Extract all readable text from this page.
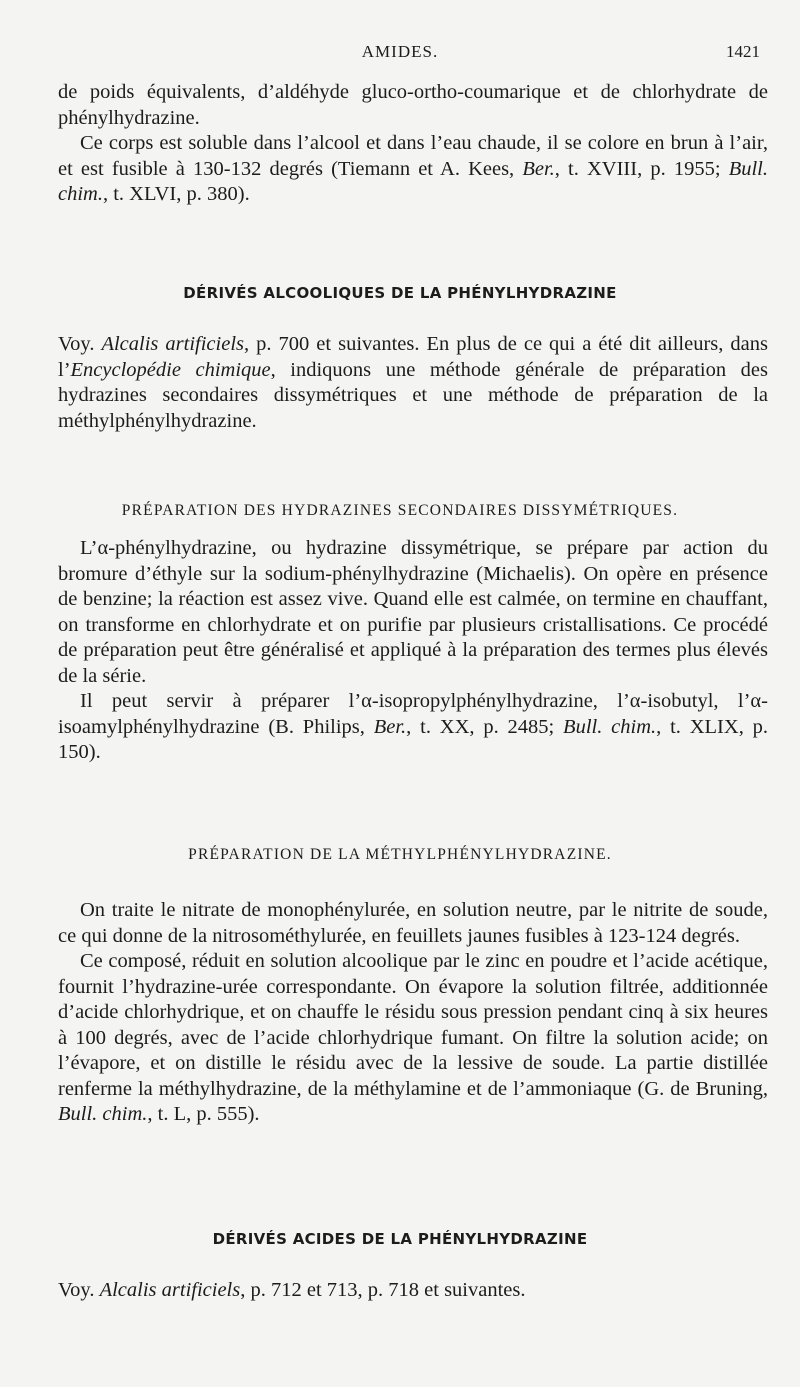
AMIDES.	1421

de poids équivalents, d’aldéhyde gluco-ortho-coumarique et de chlorhydrate de phénylhydrazine.

Ce corps est soluble dans l’alcool et dans l’eau chaude, il se colore en brun à l’air, et est fusible à 130-132 degrés (Tiemann et A. Kees, Ber., t. XVIII, p. 1955; Bull. chim., t. XLVI, p. 380).

DÉRIVÉS ALCOOLIQUES DE LA PHÉNYLHYDRAZINE

Voy. Alcalis artificiels, p. 700 et suivantes. En plus de ce qui a été dit ailleurs, dans l’Encyclopédie chimique, indiquons une méthode générale de préparation des hydrazines secondaires dissymétriques et une méthode de préparation de la méthylphénylhydrazine.

PRÉPARATION DES HYDRAZINES SECONDAIRES DISSYMÉTRIQUES.

L’α-phénylhydrazine, ou hydrazine dissymétrique, se prépare par action du bromure d’éthyle sur la sodium-phénylhydrazine (Michaelis). On opère en présence de benzine; la réaction est assez vive. Quand elle est calmée, on termine en chauffant, on transforme en chlorhydrate et on purifie par plusieurs cristallisations. Ce procédé de préparation peut être généralisé et appliqué à la préparation des termes plus élevés de la série.

Il peut servir à préparer l’α-isopropylphénylhydrazine, l’α-isobutyl, l’α-isoamylphénylhydrazine (B. Philips, Ber., t. XX, p. 2485; Bull. chim., t. XLIX, p. 150).

PRÉPARATION DE LA MÉTHYLPHÉNYLHYDRAZINE.

On traite le nitrate de monophénylurée, en solution neutre, par le nitrite de soude, ce qui donne de la nitrosométhylurée, en feuillets jaunes fusibles à 123-124 degrés.

Ce composé, réduit en solution alcoolique par le zinc en poudre et l’acide acétique, fournit l’hydrazine-urée correspondante. On évapore la solution filtrée, additionnée d’acide chlorhydrique, et on chauffe le résidu sous pression pendant cinq à six heures à 100 degrés, avec de l’acide chlorhydrique fumant. On filtre la solution acide; on l’évapore, et on distille le résidu avec de la lessive de soude. La partie distillée renferme la méthylhydrazine, de la méthylamine et de l’ammoniaque (G. de Bruning, Bull. chim., t. L, p. 555).

DÉRIVÉS ACIDES DE LA PHÉNYLHYDRAZINE

Voy. Alcalis artificiels, p. 712 et 713, p. 718 et suivantes.
